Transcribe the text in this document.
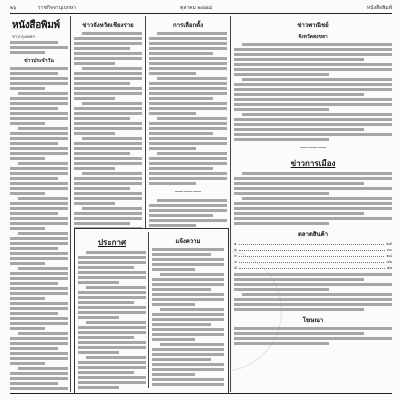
๒๖	ราชกิจจานุเบกษา	ตุลาคม ๒๔๗๘	หนังสือพิมพ์
หนังสือพิมพ์
ข่าวกรุงเทพฯ
ข่าวประจำวัน
ข่าวจังหวัดเชียงราย	การเลือกตั้ง
———
ประกาศ	แจ้งความ
ข่าวพาณิชย์
จังหวัดสงขลา
———
ข่าวการเมือง
ตลาดสินค้า
๑	๒๕
๒	๓๐
๓	๑๘
๔	๔๒
๕	๑๒
โฆษณา
